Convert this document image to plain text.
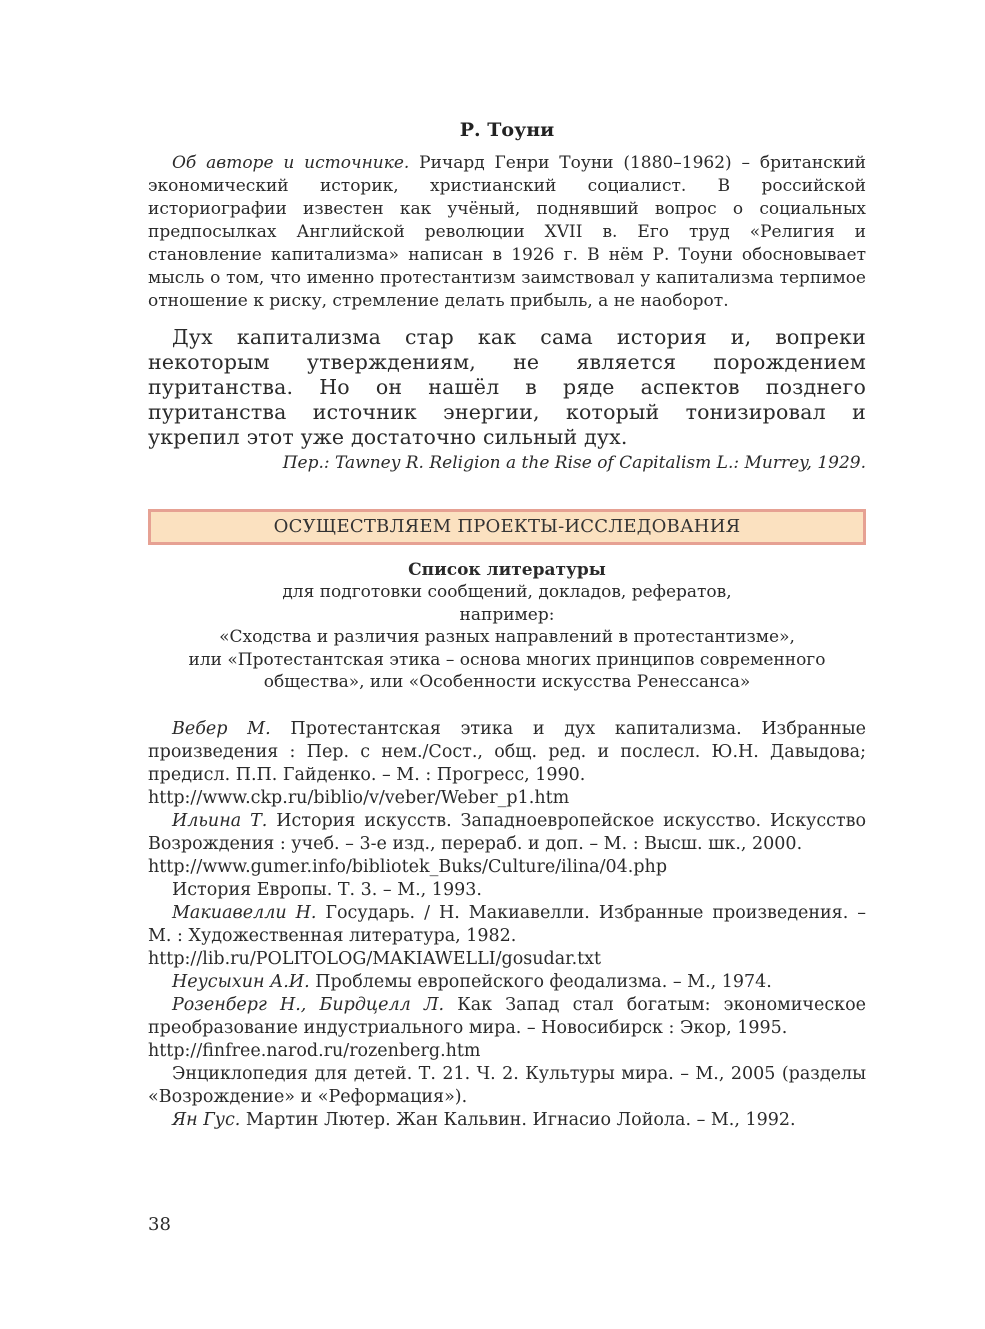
Р. Тоуни

Об авторе и источнике. Ричард Генри Тоуни (1880–1962) – британский экономический историк, христианский социалист. В российской историографии известен как учёный, поднявший вопрос о социальных предпосылках Английской революции XVII в. Его труд «Религия и становление капитализма» написан в 1926 г. В нём Р. Тоуни обосновывает мысль о том, что именно протестантизм заимствовал у капитализма терпимое отношение к риску, стремление делать прибыль, а не наоборот.

Дух капитализма стар как сама история и, вопреки некоторым утверждениям, не является порождением пуританства. Но он нашёл в ряде аспектов позднего пуританства источник энергии, который тонизировал и укрепил этот уже достаточно сильный дух.

Пер.: Tawney R. Religion a the Rise of Capitalism L.: Murrey, 1929.
ОСУЩЕСТВЛЯЕМ ПРОЕКТЫ-ИССЛЕДОВАНИЯ
Список литературы
для подготовки сообщений, докладов, рефератов,
например:
«Сходства и различия разных направлений в протестантизме»,
или «Протестантская этика – основа многих принципов современного
общества», или «Особенности искусства Ренессанса»

Вебер М. Протестантская этика и дух капитализма. Избранные произведения : Пер. с нем./Сост., общ. ред. и послесл. Ю.Н. Давыдова; предисл. П.П. Гайденко. – М. : Прогресс, 1990.
http://www.ckp.ru/biblio/v/veber/Weber_p1.htm

Ильина Т. История искусств. Западноевропейское искусство. Искусство Возрождения : учеб. – 3-е изд., перераб. и доп. – М. : Высш. шк., 2000.
http://www.gumer.info/bibliotek_Buks/Culture/ilina/04.php

История Европы. Т. 3. – М., 1993.

Макиавелли Н. Государь. / Н. Макиавелли. Избранные произведения. – М. : Художественная литература, 1982.
http://lib.ru/POLITOLOG/MAKIAWELLI/gosudar.txt

Неусыхин А.И. Проблемы европейского феодализма. – М., 1974.

Розенберг Н., Бирдцелл Л. Как Запад стал богатым: экономическое преобразование индустриального мира. – Новосибирск : Экор, 1995.
http://finfree.narod.ru/rozenberg.htm

Энциклопедия для детей. Т. 21. Ч. 2. Культуры мира. – М., 2005 (разделы «Возрождение» и «Реформация»).

Ян Гус. Мартин Лютер. Жан Кальвин. Игнасио Лойола. – М., 1992.

38
